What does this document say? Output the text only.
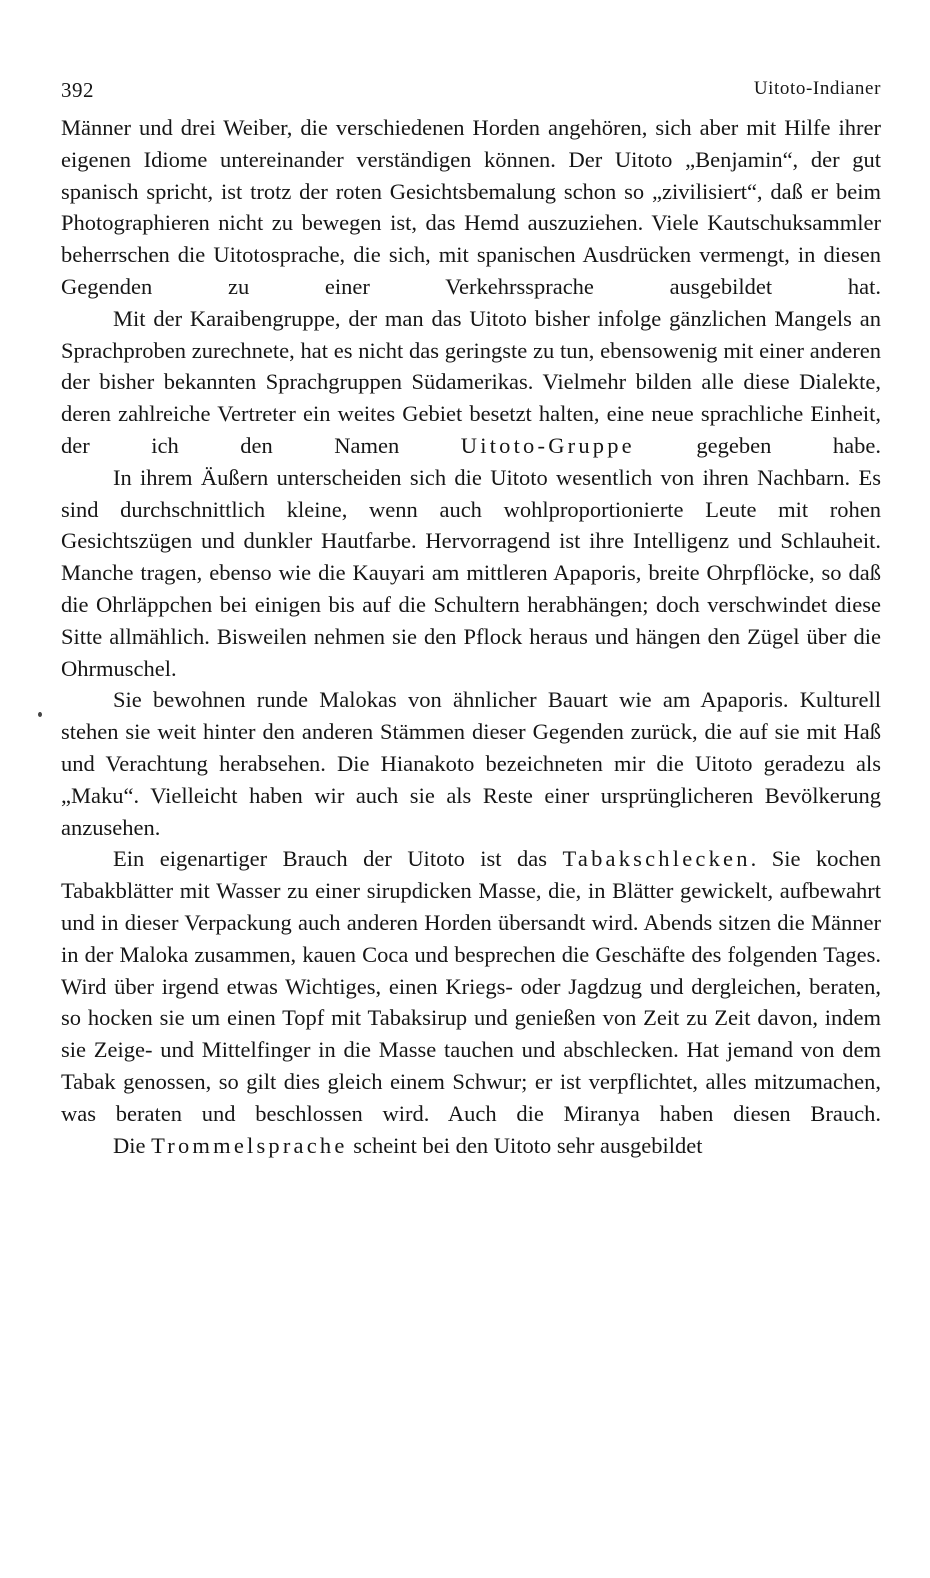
392	Uitoto-Indianer

Männer und drei Weiber, die verschiedenen Horden angehören, sich aber mit Hilfe ihrer eigenen Idiome untereinander verständigen können. Der Uitoto „Benjamin“, der gut spanisch spricht, ist trotz der roten Gesichtsbemalung schon so „zivilisiert“, daß er beim Photographieren nicht zu bewegen ist, das Hemd auszuziehen. Viele Kautschuksammler beherrschen die Uitotosprache, die sich, mit spanischen Ausdrücken vermengt, in diesen Gegenden zu einer Verkehrssprache ausgebildet hat.

Mit der Karaibengruppe, der man das Uitoto bisher infolge gänzlichen Mangels an Sprachproben zurechnete, hat es nicht das geringste zu tun, ebensowenig mit einer anderen der bisher bekannten Sprachgruppen Südamerikas. Vielmehr bilden alle diese Dialekte, deren zahlreiche Vertreter ein weites Gebiet besetzt halten, eine neue sprachliche Einheit, der ich den Namen Uitoto-Gruppe gegeben habe.

In ihrem Äußern unterscheiden sich die Uitoto wesentlich von ihren Nachbarn. Es sind durchschnittlich kleine, wenn auch wohlproportionierte Leute mit rohen Gesichtszügen und dunkler Hautfarbe. Hervorragend ist ihre Intelligenz und Schlauheit. Manche tragen, ebenso wie die Kauyari am mittleren Apaporis, breite Ohrpflöcke, so daß die Ohrläppchen bei einigen bis auf die Schultern herabhängen; doch verschwindet diese Sitte allmählich. Bisweilen nehmen sie den Pflock heraus und hängen den Zügel über die Ohrmuschel.

Sie bewohnen runde Malokas von ähnlicher Bauart wie am Apaporis. Kulturell stehen sie weit hinter den anderen Stämmen dieser Gegenden zurück, die auf sie mit Haß und Verachtung herabsehen. Die Hianakoto bezeichneten mir die Uitoto geradezu als „Maku“. Vielleicht haben wir auch sie als Reste einer ursprünglicheren Bevölkerung anzusehen.

Ein eigenartiger Brauch der Uitoto ist das Tabakschlecken. Sie kochen Tabakblätter mit Wasser zu einer sirupdicken Masse, die, in Blätter gewickelt, aufbewahrt und in dieser Verpackung auch anderen Horden übersandt wird. Abends sitzen die Männer in der Maloka zusammen, kauen Coca und besprechen die Geschäfte des folgenden Tages. Wird über irgend etwas Wichtiges, einen Kriegs- oder Jagdzug und dergleichen, beraten, so hocken sie um einen Topf mit Tabaksirup und genießen von Zeit zu Zeit davon, indem sie Zeige- und Mittelfinger in die Masse tauchen und abschlecken. Hat jemand von dem Tabak genossen, so gilt dies gleich einem Schwur; er ist verpflichtet, alles mitzumachen, was beraten und beschlossen wird. Auch die Miranya haben diesen Brauch.

Die Trommelsprache scheint bei den Uitoto sehr ausgebildet
